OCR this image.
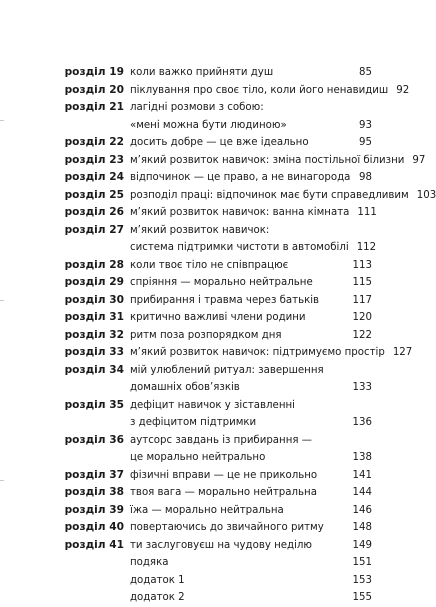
розділ 19 коли важко прийняти душ	85
розділ 20 піклування про своє тіло, коли його ненавидиш 92
розділ 21 лагідні розмови з собою:
«мені можна бути людиною»	93
розділ 22 досить добре — це вже ідеально	95
розділ 23 м’який розвиток навичок: зміна постільної білизни 97
розділ 24 відпочинок — це право, а не винагорода 98
розділ 25 розподіл праці: відпочинок має бути справедливим 103
розділ 26 м’який розвиток навичок: ванна кімната 111
розділ 27 м’який розвиток навичок:
система підтримки чистоти в автомобілі 112
розділ 28 коли твоє тіло не співпрацює	113
розділ 29 спріяння — морально нейтральне	115
розділ 30 прибирання і травма через батьків	117
розділ 31 критично важливі члени родини	120
розділ 32 ритм поза розпорядком дня	122
розділ 33 м’який розвиток навичок: підтримуємо простір 127
розділ 34 мій улюблений ритуал: завершення
домашніх обов’язків	133
розділ 35 дефіцит навичок у зіставленні
з дефіцитом підтримки	136
розділ 36 аутсорс завдань із прибирання —
це морально нейтрально	138
розділ 37 фізичні вправи — це не прикольно	141
розділ 38 твоя вага — морально нейтральна	144
розділ 39 їжа — морально нейтральна	146
розділ 40 повертаючись до звичайного ритму	148
розділ 41 ти заслуговуєш на чудову неділю	149
подяка	151
додаток 1	153
додаток 2	155
